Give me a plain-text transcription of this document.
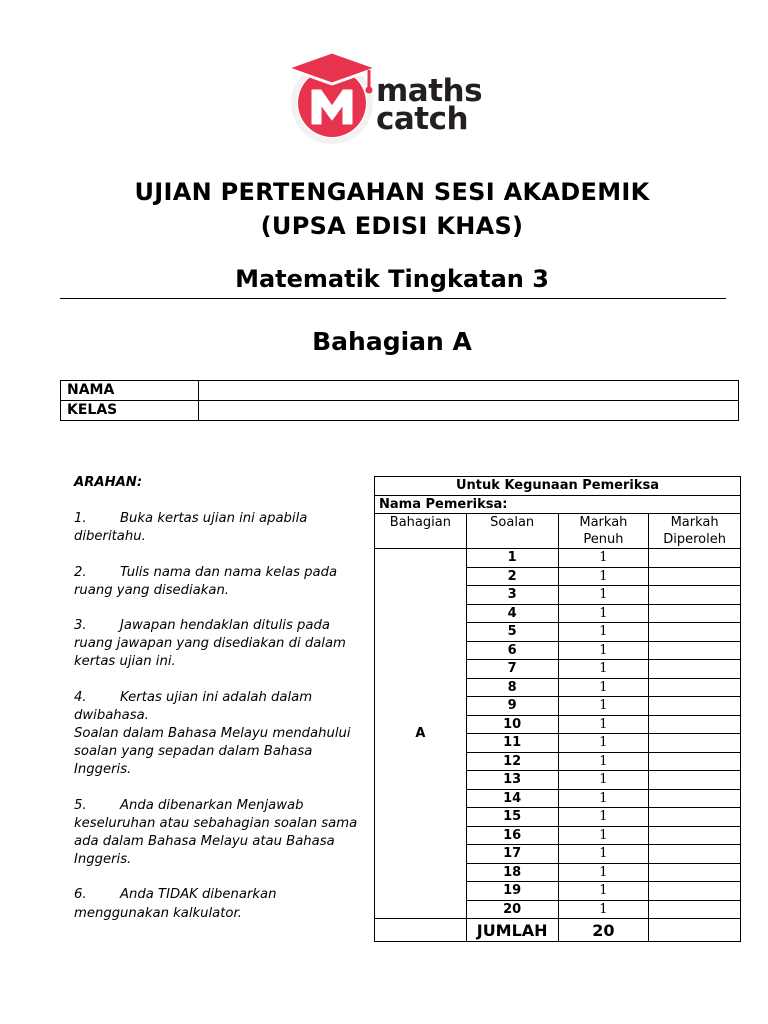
maths
catch
UJIAN PERTENGAHAN SESI AKADEMIK
(UPSA EDISI KHAS)
Matematik Tingkatan 3
Bahagian A
NAMA	
KELAS	
ARAHAN:
1.	Buka kertas ujian ini apabila diberitahu.
2.	Tulis nama dan nama kelas pada ruang yang disediakan.
3.	Jawapan hendaklan ditulis pada ruang jawapan yang disediakan di dalam kertas ujian ini.
4.	Kertas ujian ini adalah dalam dwibahasa.
Soalan dalam Bahasa Melayu mendahului soalan yang sepadan dalam Bahasa Inggeris.
5.	Anda dibenarkan Menjawab keseluruhan atau sebahagian soalan sama ada dalam Bahasa Melayu atau Bahasa Inggeris.
6.	Anda TIDAK dibenarkan menggunakan kalkulator.
Untuk Kegunaan Pemeriksa			
Nama Pemeriksa:			
Bahagian	Soalan	Markah Penuh	Markah Diperoleh
A	1	1	
	2	1	
	3	1	
	4	1	
	5	1	
	6	1	
	7	1	
	8	1	
	9	1	
	10	1	
	11	1	
	12	1	
	13	1	
	14	1	
	15	1	
	16	1	
	17	1	
	18	1	
	19	1	
	20	1	
	JUMLAH	20	
